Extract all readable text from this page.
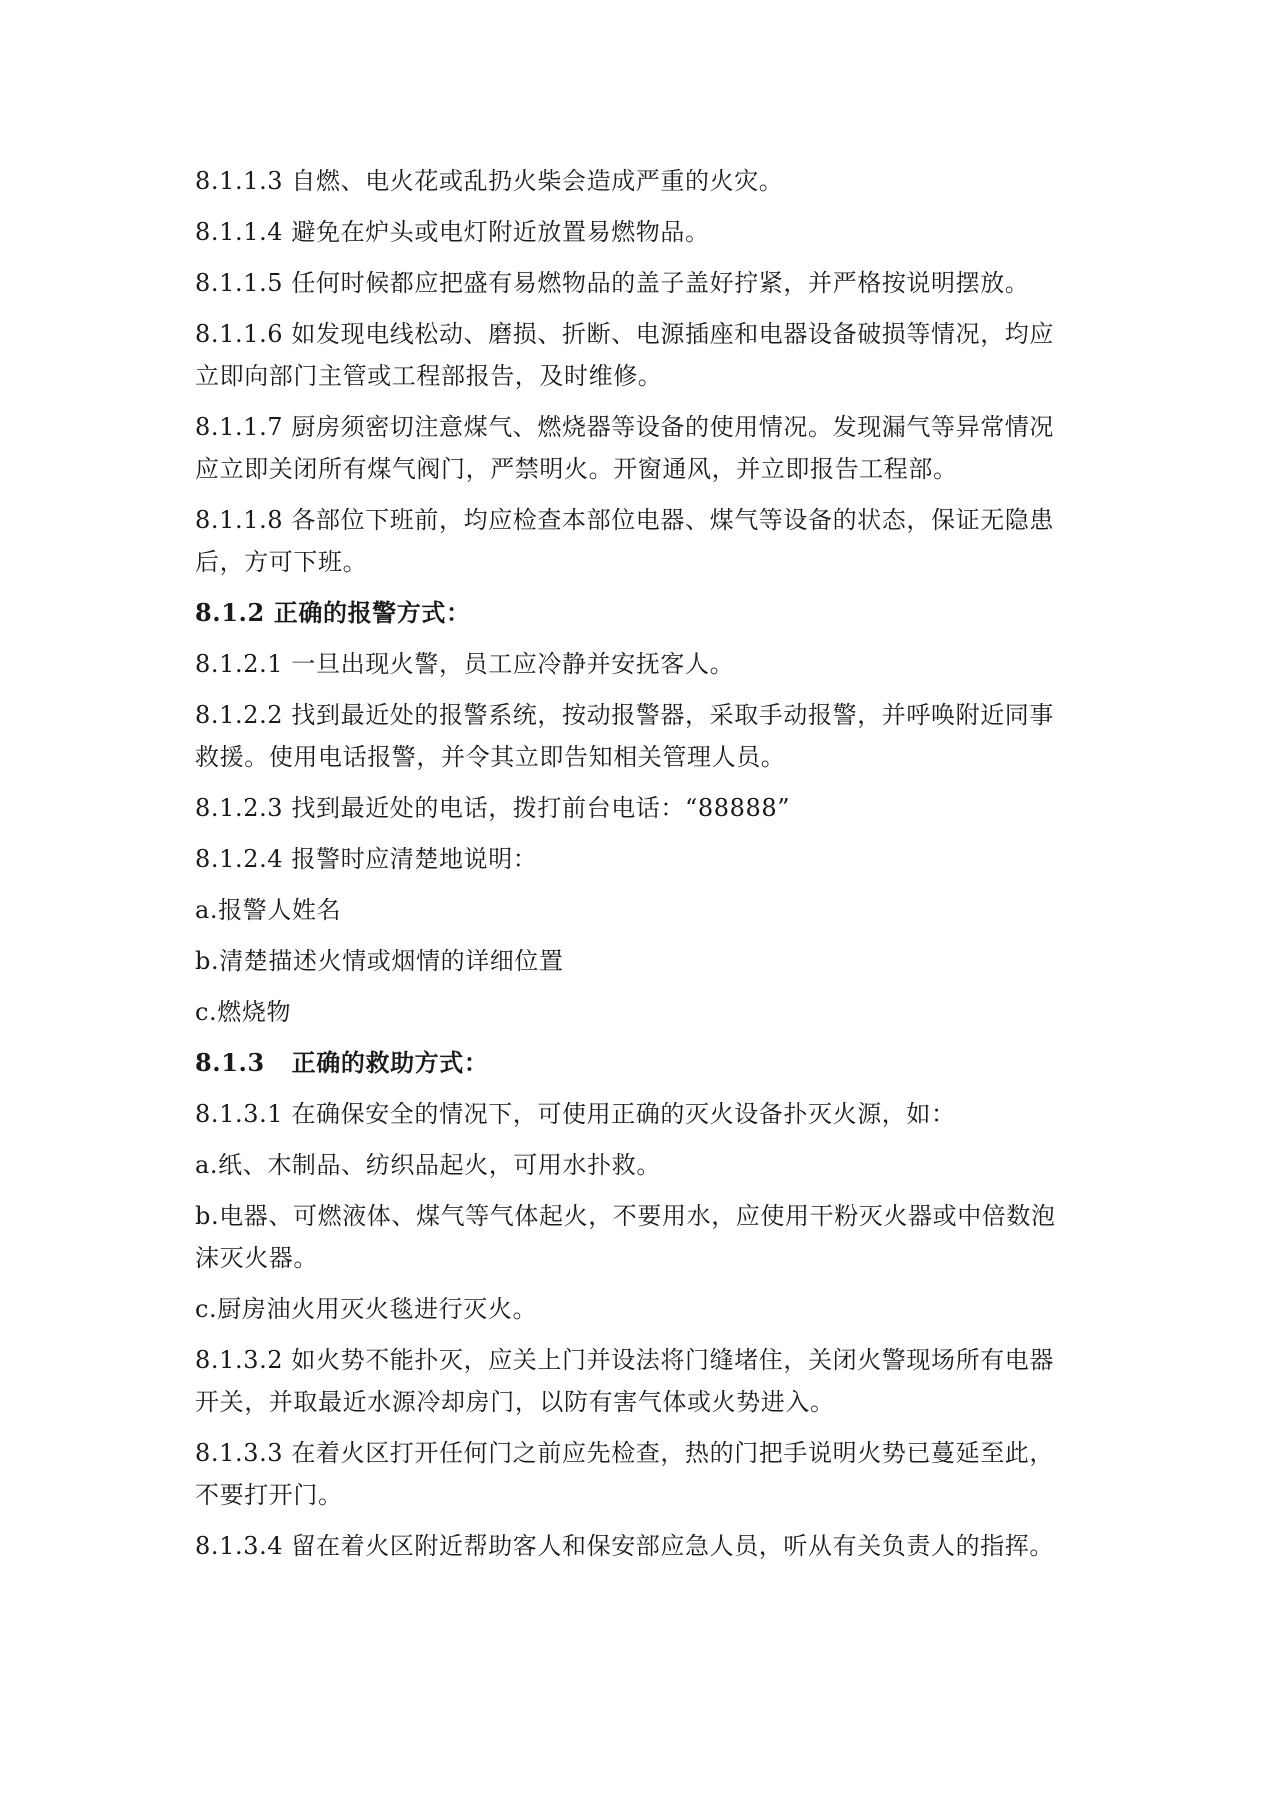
8.1.1.3 自燃、电火花或乱扔火柴会造成严重的火灾。
8.1.1.4 避免在炉头或电灯附近放置易燃物品。
8.1.1.5 任何时候都应把盛有易燃物品的盖子盖好拧紧，并严格按说明摆放。
8.1.1.6 如发现电线松动、磨损、折断、电源插座和电器设备破损等情况，均应
立即向部门主管或工程部报告，及时维修。
8.1.1.7 厨房须密切注意煤气、燃烧器等设备的使用情况。发现漏气等异常情况
应立即关闭所有煤气阀门，严禁明火。开窗通风，并立即报告工程部。
8.1.1.8 各部位下班前，均应检查本部位电器、煤气等设备的状态，保证无隐患
后，方可下班。
8.1.2 正确的报警方式：
8.1.2.1 一旦出现火警，员工应冷静并安抚客人。
8.1.2.2 找到最近处的报警系统，按动报警器，采取手动报警，并呼唤附近同事
救援。使用电话报警，并令其立即告知相关管理人员。
8.1.2.3 找到最近处的电话，拨打前台电话：“88888”
8.1.2.4 报警时应清楚地说明：
a.报警人姓名
b.清楚描述火情或烟情的详细位置
c.燃烧物
8.1.3   正确的救助方式：
8.1.3.1 在确保安全的情况下，可使用正确的灭火设备扑灭火源，如：
a.纸、木制品、纺织品起火，可用水扑救。
b.电器、可燃液体、煤气等气体起火，不要用水，应使用干粉灭火器或中倍数泡
沫灭火器。
c.厨房油火用灭火毯进行灭火。
8.1.3.2 如火势不能扑灭，应关上门并设法将门缝堵住，关闭火警现场所有电器
开关，并取最近水源冷却房门，以防有害气体或火势进入。
8.1.3.3 在着火区打开任何门之前应先检查，热的门把手说明火势已蔓延至此，
不要打开门。
8.1.3.4 留在着火区附近帮助客人和保安部应急人员，听从有关负责人的指挥。
